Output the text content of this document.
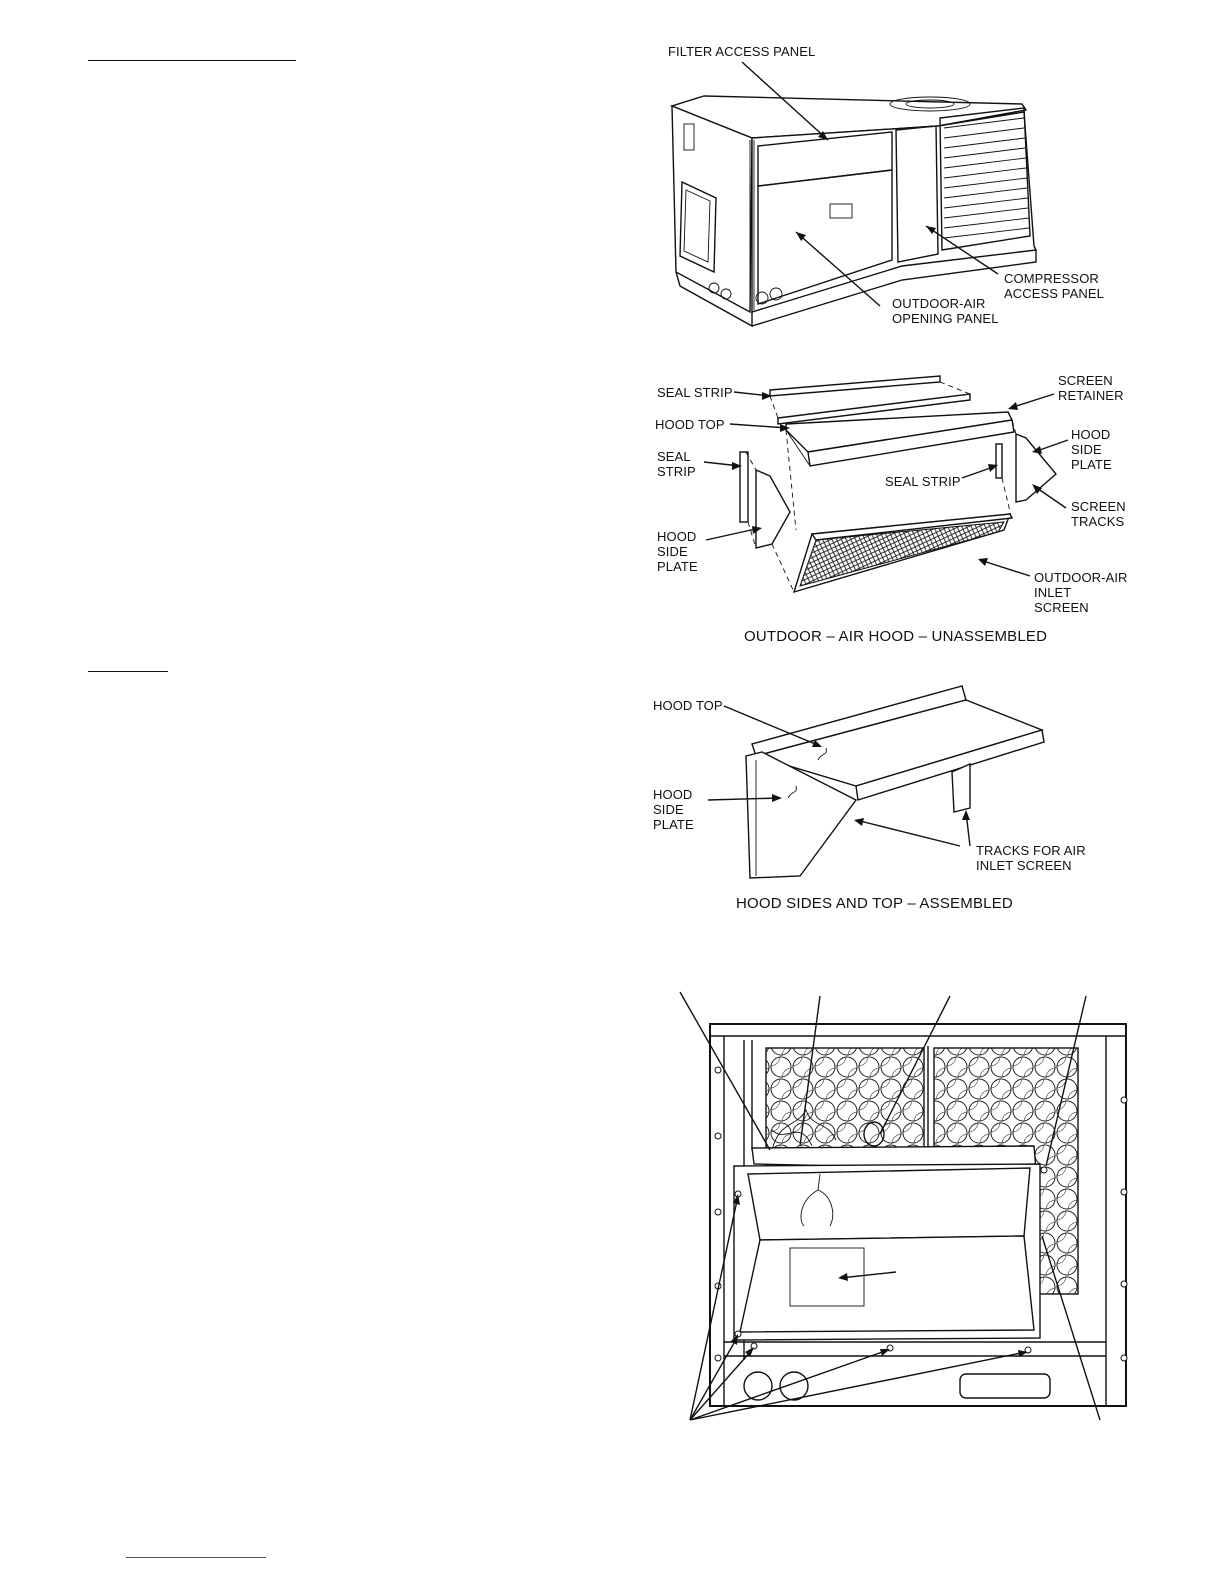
FILTER ACCESS PANEL
COMPRESSOR
ACCESS PANEL
OUTDOOR-AIR
OPENING PANEL
SEAL STRIP
SCREEN
RETAINER
HOOD TOP
HOOD
SIDE
PLATE
SEAL
STRIP
SEAL STRIP
SCREEN
TRACKS
HOOD
SIDE
PLATE
OUTDOOR-AIR
INLET
SCREEN
OUTDOOR – AIR HOOD – UNASSEMBLED
HOOD TOP
HOOD
SIDE
PLATE
TRACKS FOR AIR
INLET SCREEN
HOOD SIDES AND TOP – ASSEMBLED
